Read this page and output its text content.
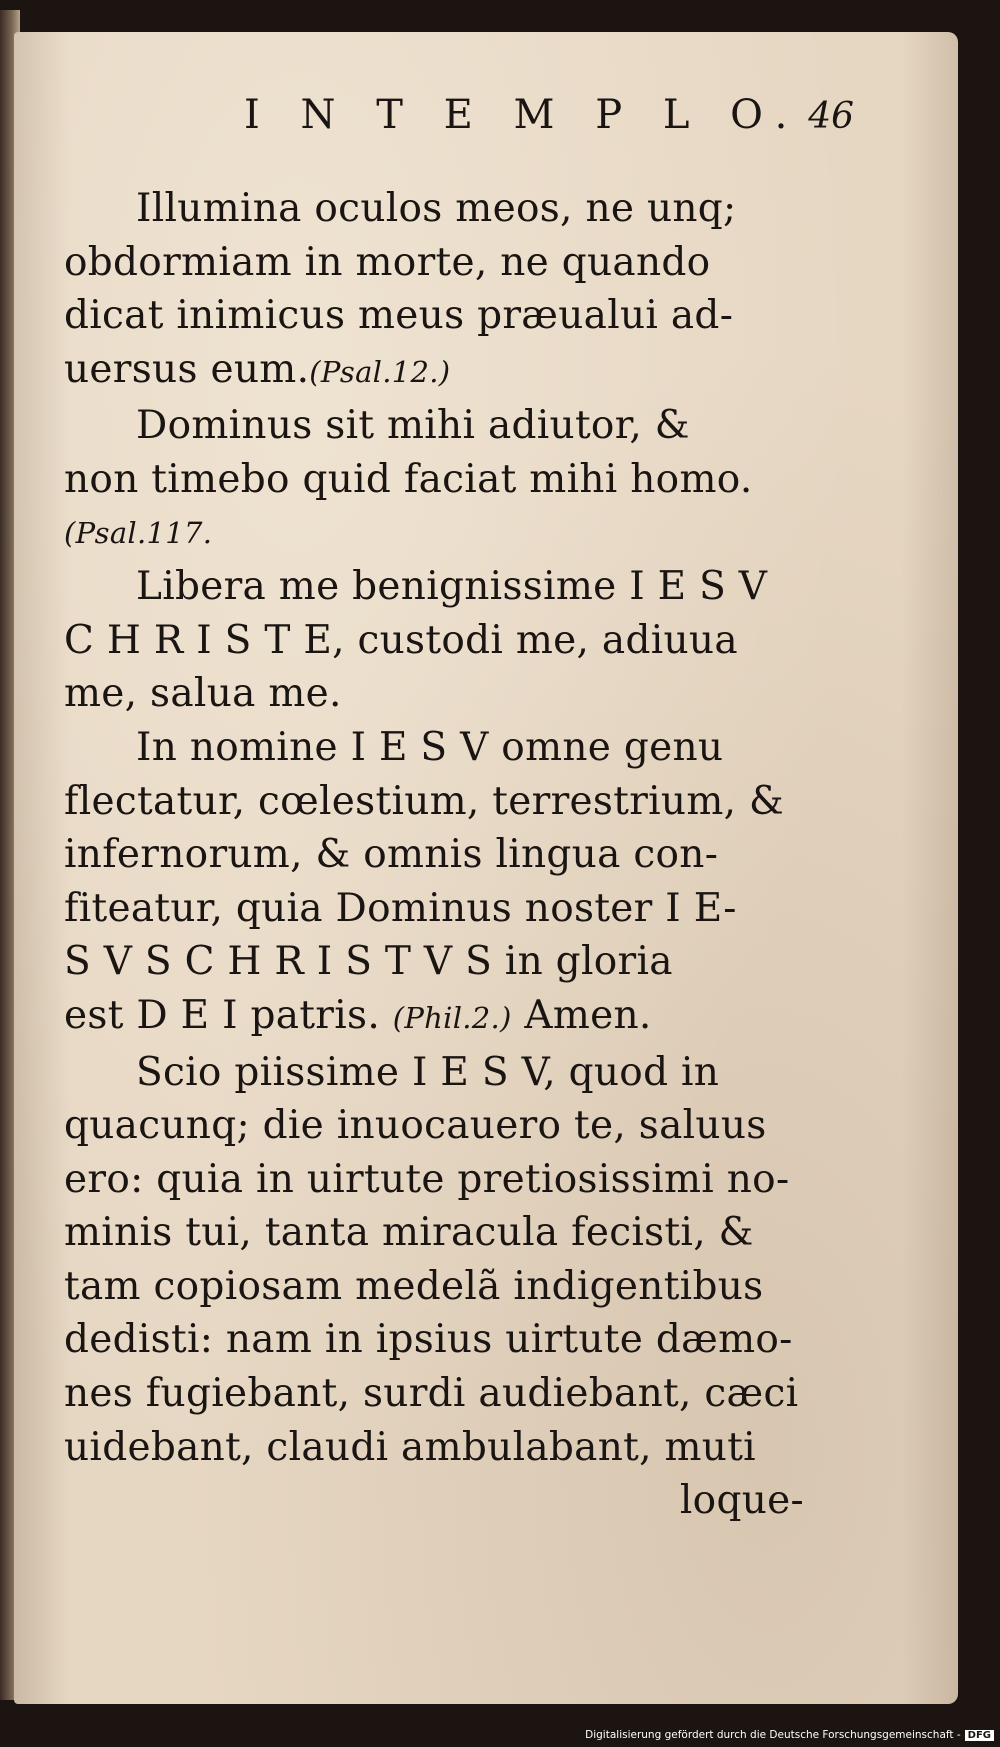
I N T E M P L O. 46

Illumina oculos meos, ne unq;
obdormiam in morte, ne quando
dicat inimicus meus præualui ad-
uersus eum.(Psal.12.)

Dominus sit mihi adiutor, &
non timebo quid faciat mihi homo.
(Psal.117.

Libera me benignissime I E S V
C H R I S T E, custodi me, adiuua
me, salua me.

In nomine I E S V omne genu
flectatur, cœlestium, terrestrium, &
infernorum, & omnis lingua con-
fiteatur, quia Dominus noster I E-
S V S C H R I S T V S in gloria
est D E I patris. (Phil.2.) Amen.

Scio piissime I E S V, quod in
quacunq; die inuocauero te, saluus
ero: quia in uirtute pretiosissimi no-
minis tui, tanta miracula fecisti, &
tam copiosam medelã indigentibus
dedisti: nam in ipsius uirtute dæmo-
nes fugiebant, surdi audiebant, cæci
uidebant, claudi ambulabant, muti

loque-

Digitalisierung gefördert durch die Deutsche Forschungsgemeinschaft - DFG
